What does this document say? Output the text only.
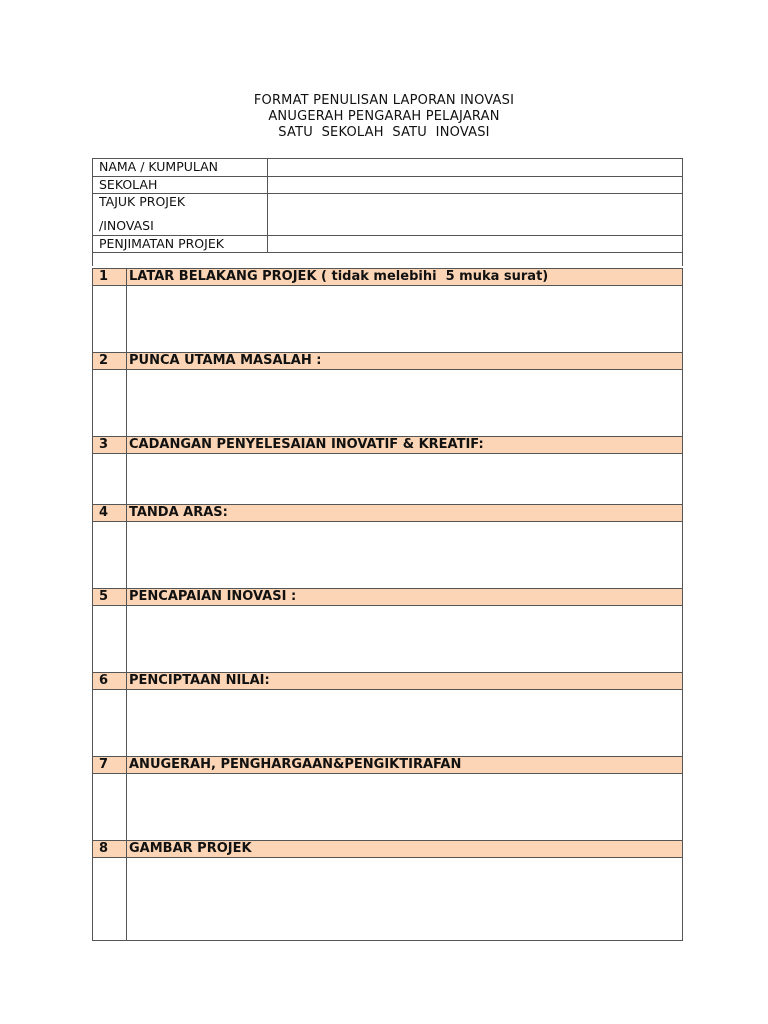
FORMAT PENULISAN LAPORAN INOVASI
ANUGERAH PENGARAH PELAJARAN
SATU  SEKOLAH  SATU  INOVASI
NAMA / KUMPULAN	
SEKOLAH	
TAJUK PROJEK
/INOVASI	

PENJIMATAN PROJEK	

1	LATAR BELAKANG PROJEK ( tidak melebihi  5 muka surat)
2	PUNCA UTAMA MASALAH :
3	CADANGAN PENYELESAIAN INOVATIF & KREATIF:
4	TANDA ARAS:
5	PENCAPAIAN INOVASI :
6	PENCIPTAAN NILAI:
7	ANUGERAH, PENGHARGAAN&PENGIKTIRAFAN
8	GAMBAR PROJEK
